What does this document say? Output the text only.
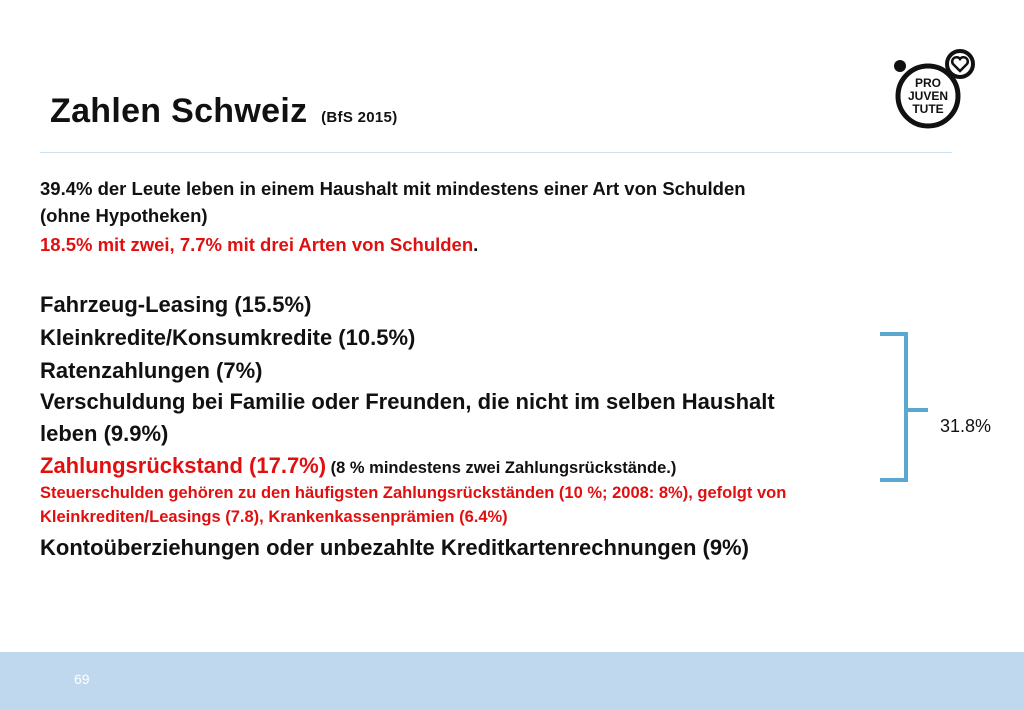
Zahlen Schweiz (BfS 2015)
PRO
JUVEN
TUTE
39.4% der Leute leben in einem Haushalt mit mindestens einer Art von Schulden
(ohne Hypotheken)
18.5% mit zwei, 7.7% mit drei Arten von Schulden.
Fahrzeug-Leasing (15.5%)
Kleinkredite/Konsumkredite (10.5%)
Ratenzahlungen (7%)
Verschuldung bei Familie oder Freunden, die nicht im selben Haushalt
leben (9.9%)
Zahlungsrückstand (17.7%) (8 % mindestens zwei Zahlungsrückstände.)
Steuerschulden gehören zu den häufigsten Zahlungsrückständen (10 %; 2008: 8%), gefolgt von
Kleinkrediten/Leasings (7.8), Krankenkassenprämien (6.4%)
Kontoüberziehungen oder unbezahlte Kreditkartenrechnungen (9%)
31.8%
69
